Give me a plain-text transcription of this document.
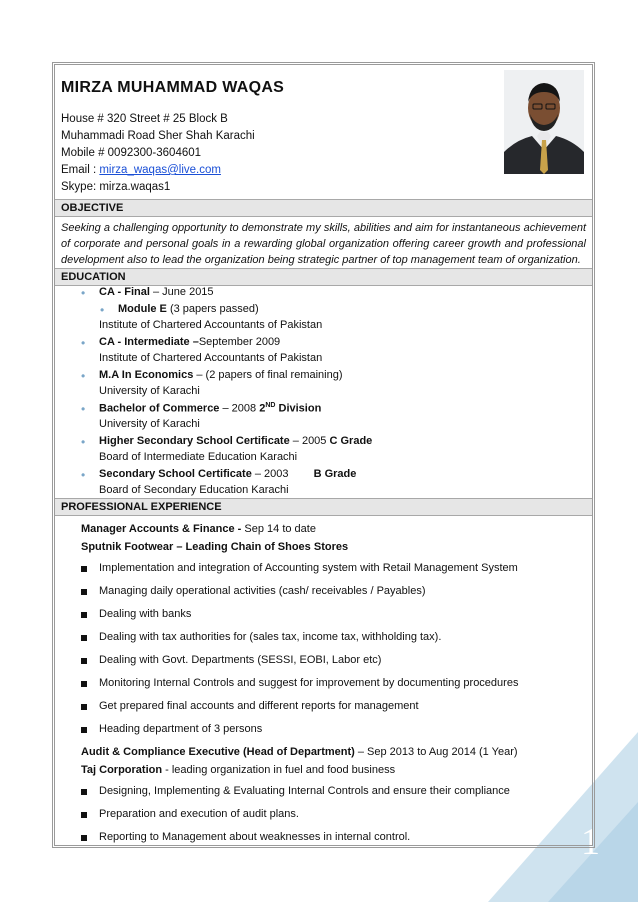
1
MIRZA MUHAMMAD WAQAS
House # 320 Street # 25 Block B
Muhammadi Road Sher Shah Karachi
Mobile # 0092300-3604601
Email : mirza_waqas@live.com
Skype: mirza.waqas1
OBJECTIVE
Seeking a challenging opportunity to demonstrate my skills, abilities and aim for instantaneous achievement of corporate and personal goals in a rewarding global organization offering career growth and professional development also to lead the organization being strategic partner of top management team of organization.
EDUCATION
• CA - Final – June 2015
• Module E (3 papers passed)
Institute of Chartered Accountants of Pakistan
• CA - Intermediate –September 2009
Institute of Chartered Accountants of Pakistan
• M.A In Economics – (2 papers of final remaining)
University of Karachi
• Bachelor of Commerce – 2008 2ND Division
University of Karachi
• Higher Secondary School Certificate – 2005 C Grade
Board of Intermediate Education Karachi
• Secondary School Certificate – 2003 B Grade
Board of Secondary Education Karachi
PROFESSIONAL EXPERIENCE
Manager Accounts & Finance - Sep 14 to date
Sputnik Footwear – Leading Chain of Shoes Stores
Implementation and integration of Accounting system with Retail Management System
Managing daily operational activities (cash/ receivables / Payables)
Dealing with banks
Dealing with tax authorities for (sales tax, income tax, withholding tax).
Dealing with Govt. Departments (SESSI, EOBI, Labor etc)
Monitoring Internal Controls and suggest for improvement by documenting procedures
Get prepared final accounts and different reports for management
Heading department of 3 persons
Audit & Compliance Executive (Head of Department) – Sep 2013 to Aug 2014 (1 Year)
Taj Corporation - leading organization in fuel and food business
Designing, Implementing & Evaluating Internal Controls and ensure their compliance
Preparation and execution of audit plans.
Reporting to Management about weaknesses in internal control.
